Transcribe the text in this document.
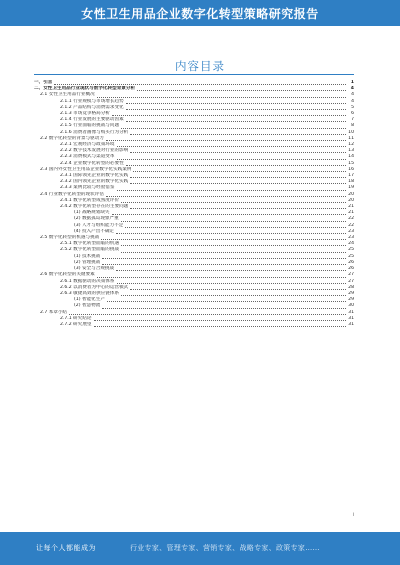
女性卫生用品企业数字化转型策略研究报告
内容目录
一、引言	1
二、女性卫生用品行业现状与数字化转型背景分析	4
2.1 女性卫生用品行业概况	4
2.1.1 行业规模与市场增长趋势	4
2.1.2 产品结构与消费需求变化	5
2.1.3 市场竞争格局分析	6
2.1.4 行业发展的主要驱动因素	7
2.1.5 行业面临的挑战与问题	8
2.1.6 消费者画像与购买行为分析	10
2.2 数字化转型的背景与驱动力	11
2.2.1 宏观经济与政策环境	12
2.2.2 数字技术发展对行业的影响	13
2.2.3 消费模式与渠道变革	14
2.2.4 企业数字化转型的必要性	15
2.3 国内外女性卫生用品企业数字化实践案例	16
2.3.1 国际领先企业的数字化实践	17
2.3.2 国内领先企业的数字化实践	18
2.3.3 案例比较与经验借鉴	19
2.4 行业数字化转型的现状评估	20
2.4.1 数字化转型成熟度评价	20
2.4.2 数字化转型存在的主要问题	21
(1) 战略规划缺失	21
(2) 数据孤岛现象严重	22
(3) 人才与组织能力不足	22
(4) 投入产出不确定	23
2.5 数字化转型的机遇与挑战	23
2.5.1 数字化转型面临的机遇	24
2.5.2 数字化转型面临的挑战	25
(1) 技术挑战	25
(2) 管理挑战	26
(3) 安全与合规挑战	26
2.6 数字化转型的关键要素	27
2.6.1 数据驱动的决策体系	27
2.6.2 以消费者为中心的运营模式	28
2.6.3 敏捷高效的供应链体系	29
(1) 智能化生产	29
(2) 智慧物流	30
2.7 本章小结	31
2.7.1 研究结论	31
2.7.2 研究展望	31
I
让每个人都能成为	行业专家、管理专家、营销专家、战略专家、政策专家……
